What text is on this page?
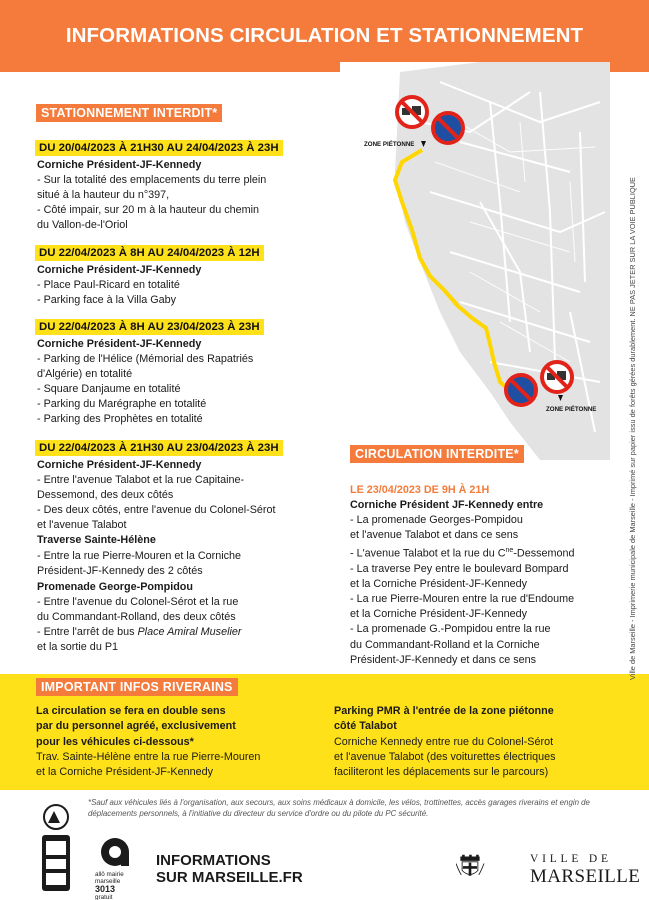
INFORMATIONS CIRCULATION ET STATIONNEMENT
ZONE PIÉTONNE
ZONE PIÉTONNE
STATIONNEMENT INTERDIT*
DU 20/04/2023 À 21H30 AU 24/04/2023 À 23H
Corniche Président-JF-Kennedy
- Sur la totalité des emplacements du terre plein
situé à la hauteur du n°397,
- Côté impair, sur 20 m à la hauteur du chemin
du Vallon-de-l'Oriol
DU 22/04/2023 À 8H AU 24/04/2023 À 12H
Corniche Président-JF-Kennedy
- Place Paul-Ricard en totalité
- Parking face à la Villa Gaby
DU 22/04/2023 À 8H AU 23/04/2023 À 23H
Corniche Président-JF-Kennedy
- Parking de l'Hélice (Mémorial des Rapatriés
d'Algérie) en totalité
- Square Danjaume en totalité
- Parking du Marégraphe en totalité
- Parking des Prophètes en totalité
DU 22/04/2023 À 21H30 AU 23/04/2023 À 23H
Corniche Président-JF-Kennedy
- Entre l'avenue Talabot et la rue Capitaine-
Dessemond, des deux côtés
- Des deux côtés, entre l'avenue du Colonel-Sérot
et l'avenue Talabot
Traverse Sainte-Hélène
- Entre la rue Pierre-Mouren et la Corniche
Président-JF-Kennedy des 2 côtés
Promenade George-Pompidou
- Entre l'avenue du Colonel-Sérot et la rue
du Commandant-Rolland, des deux côtés
- Entre l'arrêt de bus Place Amiral Muselier
et la sortie du P1
CIRCULATION INTERDITE*
LE 23/04/2023 DE 9H À 21H
Corniche Président JF-Kennedy entre
- La promenade Georges-Pompidou
et l'avenue Talabot et dans ce sens
- L'avenue Talabot et la rue du $C^{ne}$-Dessemond
- La traverse Pey entre le boulevard Bompard
et la Corniche Président-JF-Kennedy
- La rue Pierre-Mouren entre la rue d'Endoume
et la Corniche Président-JF-Kennedy
- La promenade G.-Pompidou entre la rue
du Commandant-Rolland et la Corniche
Président-JF-Kennedy et dans ce sens
IMPORTANT INFOS RIVERAINS
La circulation se fera en double sens
par du personnel agréé, exclusivement
pour les véhicules ci-dessous*
Trav. Sainte-Hélène entre la rue Pierre-Mouren
et la Corniche Président-JF-Kennedy
Parking PMR à l'entrée de la zone piétonne
côté Talabot
Corniche Kennedy entre rue du Colonel-Sérot
et l'avenue Talabot (des voiturettes électriques
faciliteront les déplacements sur le parcours)
*Sauf aux véhicules liés à l'organisation, aux secours, aux soins médicaux à domicile, les vélos, trottinettes, accès garages riverains et engin de déplacements personnels, à l'initiative du directeur du service d'ordre ou du pilote du PC sécurité.
Ville de Marseille - Imprimerie municipale de Marseille - Imprimé sur papier issu de forêts gérées durablement. NE PAS JETER SUR LA VOIE PUBLIQUE
allô mairie
marseille
3013
gratuit
INFORMATIONS
SUR MARSEILLE.FR
VILLE DE
MARSEILLE
